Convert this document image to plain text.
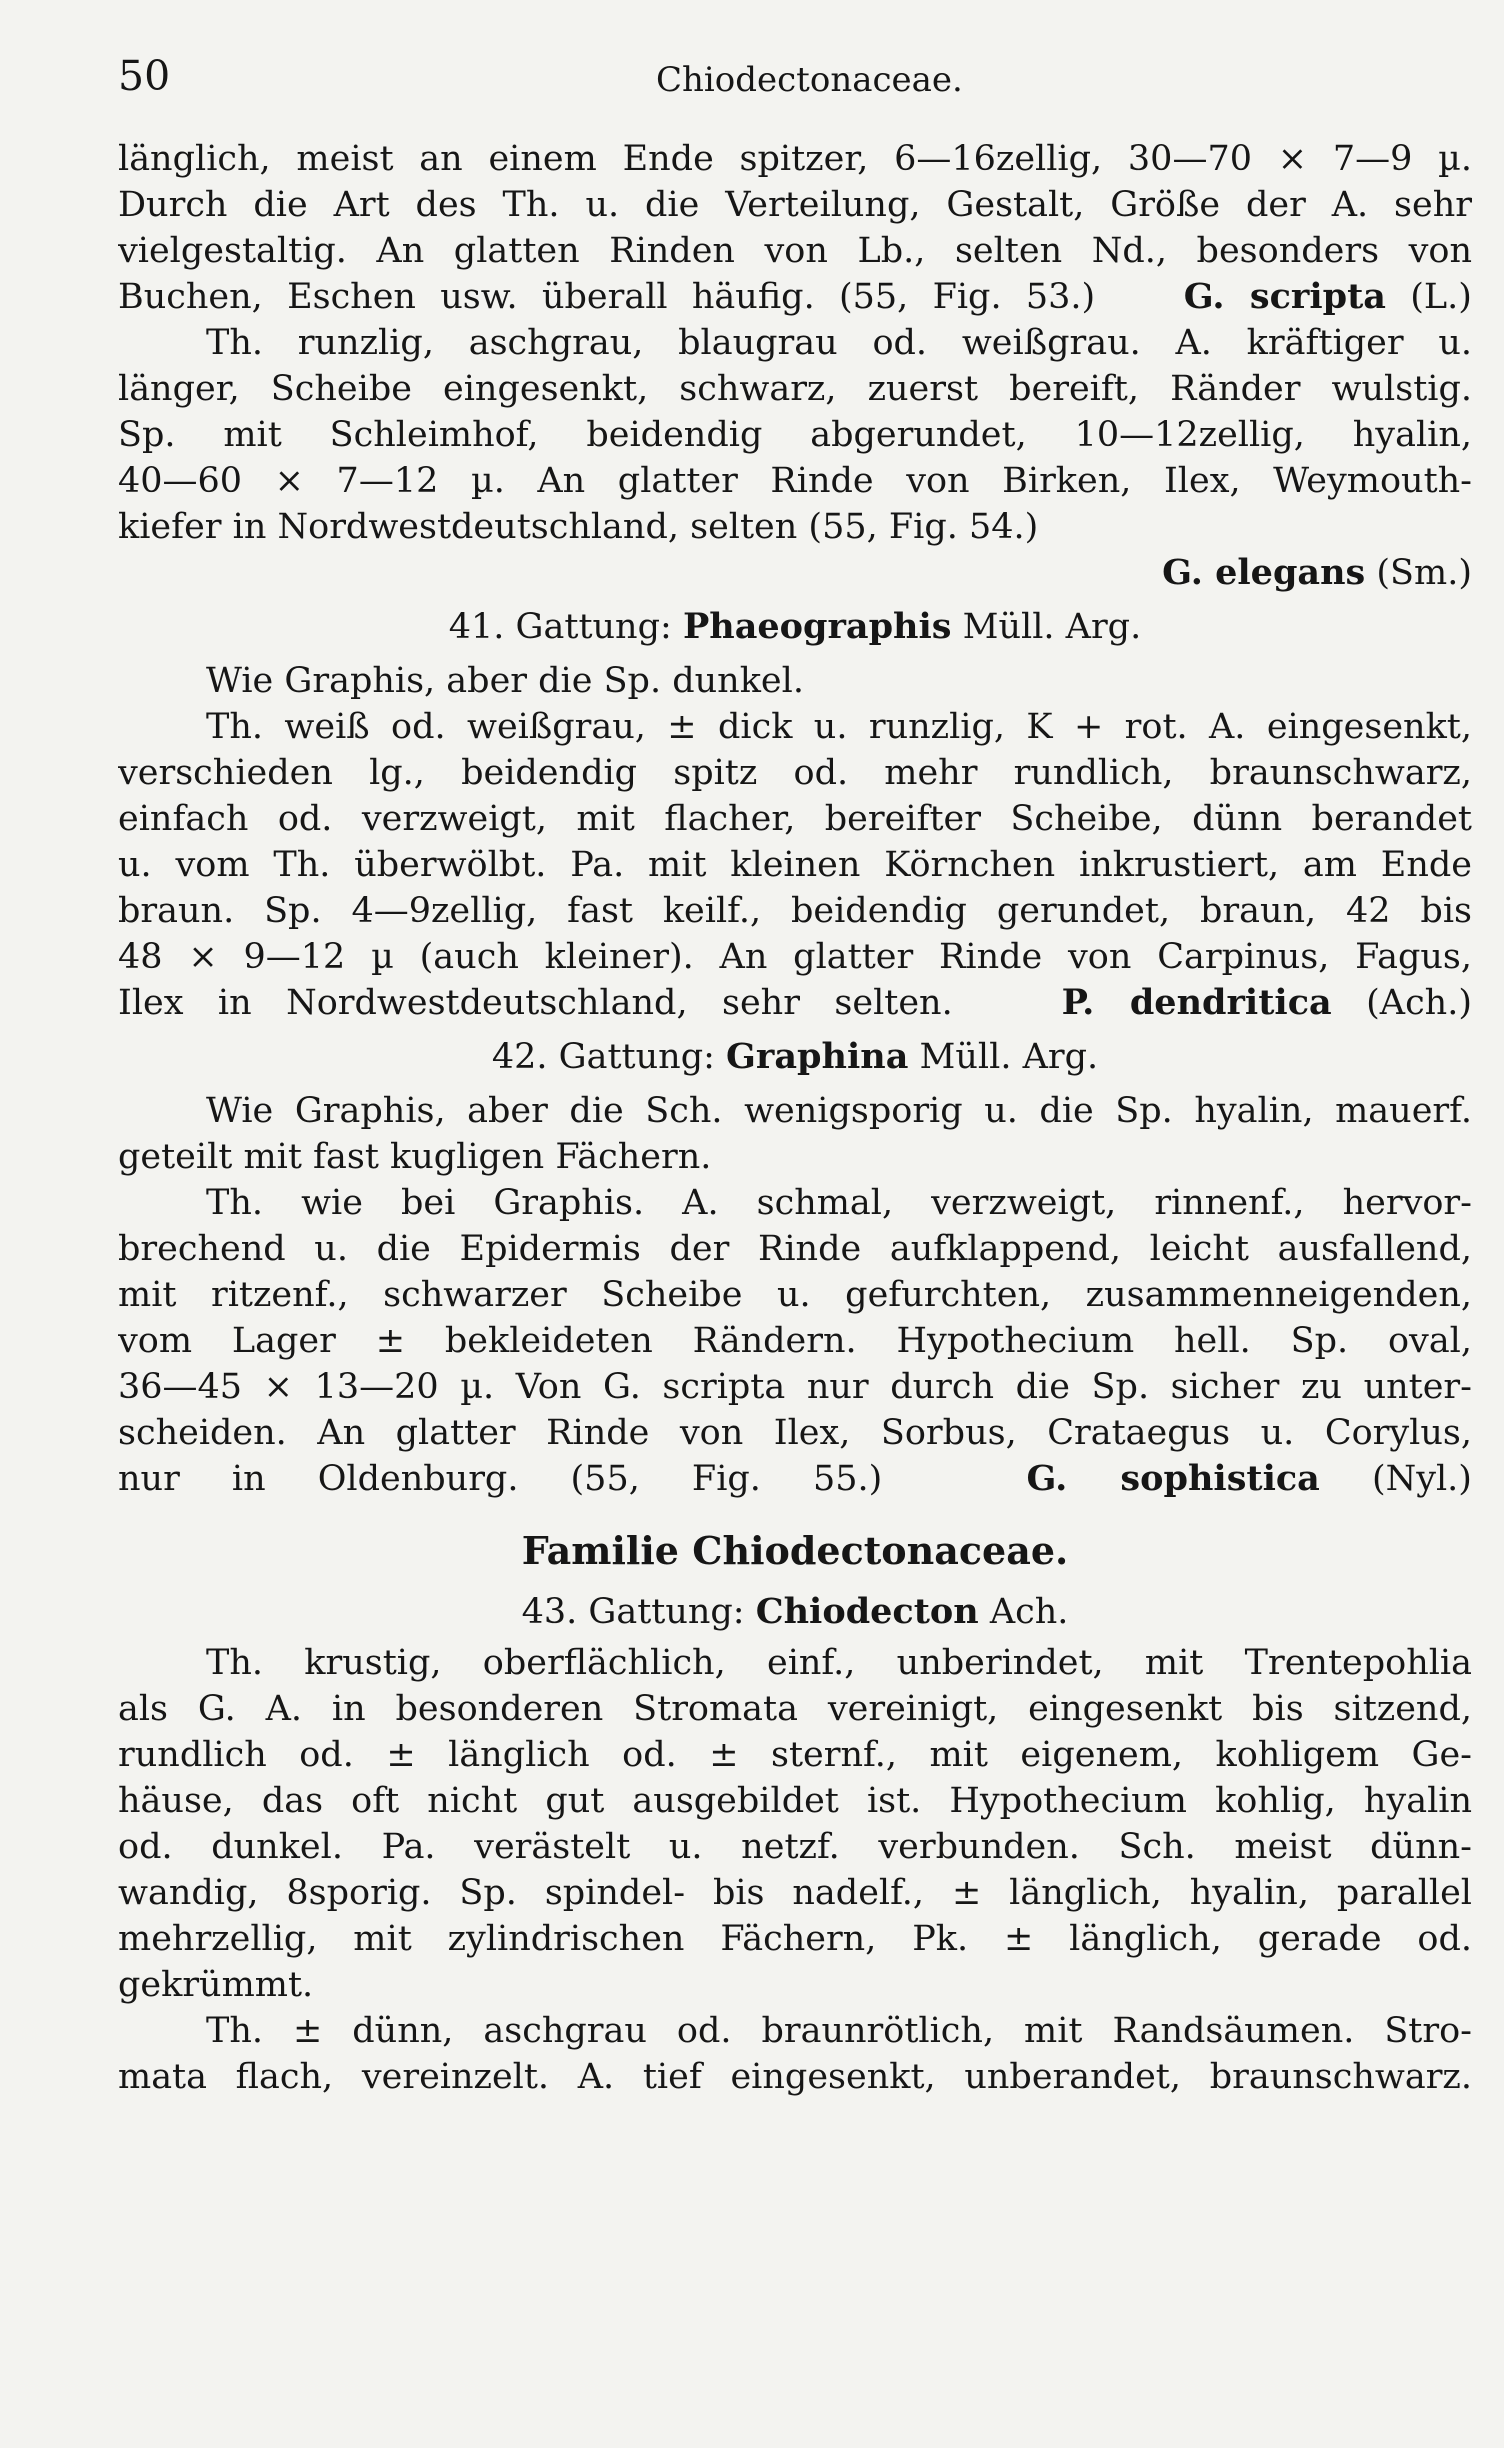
50	Chiodectonaceae.
länglich, meist an einem Ende spitzer, 6—16zellig, 30—70 × 7—9 µ.
Durch die Art des Th. u. die Verteilung, Gestalt, Größe der A. sehr
vielgestaltig. An glatten Rinden von Lb., selten Nd., besonders von
Buchen, Eschen usw. überall häufig. (55, Fig. 53.)	G. scripta (L.)
Th. runzlig, aschgrau, blaugrau od. weißgrau. A. kräftiger u.
länger, Scheibe eingesenkt, schwarz, zuerst bereift, Ränder wulstig.
Sp. mit Schleimhof, beidendig abgerundet, 10—12zellig, hyalin,
40—60 × 7—12 µ. An glatter Rinde von Birken, Ilex, Weymouth-
kiefer in Nordwestdeutschland, selten (55, Fig. 54.)
G. elegans (Sm.)
41. Gattung: Phaeographis Müll. Arg.
Wie Graphis, aber die Sp. dunkel.
Th. weiß od. weißgrau, ± dick u. runzlig, K + rot. A. eingesenkt,
verschieden lg., beidendig spitz od. mehr rundlich, braunschwarz,
einfach od. verzweigt, mit flacher, bereifter Scheibe, dünn berandet
u. vom Th. überwölbt. Pa. mit kleinen Körnchen inkrustiert, am Ende
braun. Sp. 4—9zellig, fast keilf., beidendig gerundet, braun, 42 bis
48 × 9—12 µ (auch kleiner). An glatter Rinde von Carpinus, Fagus,
Ilex in Nordwestdeutschland, sehr selten.	P. dendritica (Ach.)
42. Gattung: Graphina Müll. Arg.
Wie Graphis, aber die Sch. wenigsporig u. die Sp. hyalin, mauerf.
geteilt mit fast kugligen Fächern.
Th. wie bei Graphis. A. schmal, verzweigt, rinnenf., hervor-
brechend u. die Epidermis der Rinde aufklappend, leicht ausfallend,
mit ritzenf., schwarzer Scheibe u. gefurchten, zusammenneigenden,
vom Lager ± bekleideten Rändern. Hypothecium hell. Sp. oval,
36—45 × 13—20 µ. Von G. scripta nur durch die Sp. sicher zu unter-
scheiden. An glatter Rinde von Ilex, Sorbus, Crataegus u. Corylus,
nur in Oldenburg. (55, Fig. 55.)	G. sophistica (Nyl.)
Familie Chiodectonaceae.
43. Gattung: Chiodecton Ach.
Th. krustig, oberflächlich, einf., unberindet, mit Trentepohlia
als G. A. in besonderen Stromata vereinigt, eingesenkt bis sitzend,
rundlich od. ± länglich od. ± sternf., mit eigenem, kohligem Ge-
häuse, das oft nicht gut ausgebildet ist. Hypothecium kohlig, hyalin
od. dunkel. Pa. verästelt u. netzf. verbunden. Sch. meist dünn-
wandig, 8sporig. Sp. spindel- bis nadelf., ± länglich, hyalin, parallel
mehrzellig, mit zylindrischen Fächern, Pk. ± länglich, gerade od.
gekrümmt.
Th. ± dünn, aschgrau od. braunrötlich, mit Randsäumen. Stro-
mata flach, vereinzelt. A. tief eingesenkt, unberandet, braunschwarz.
